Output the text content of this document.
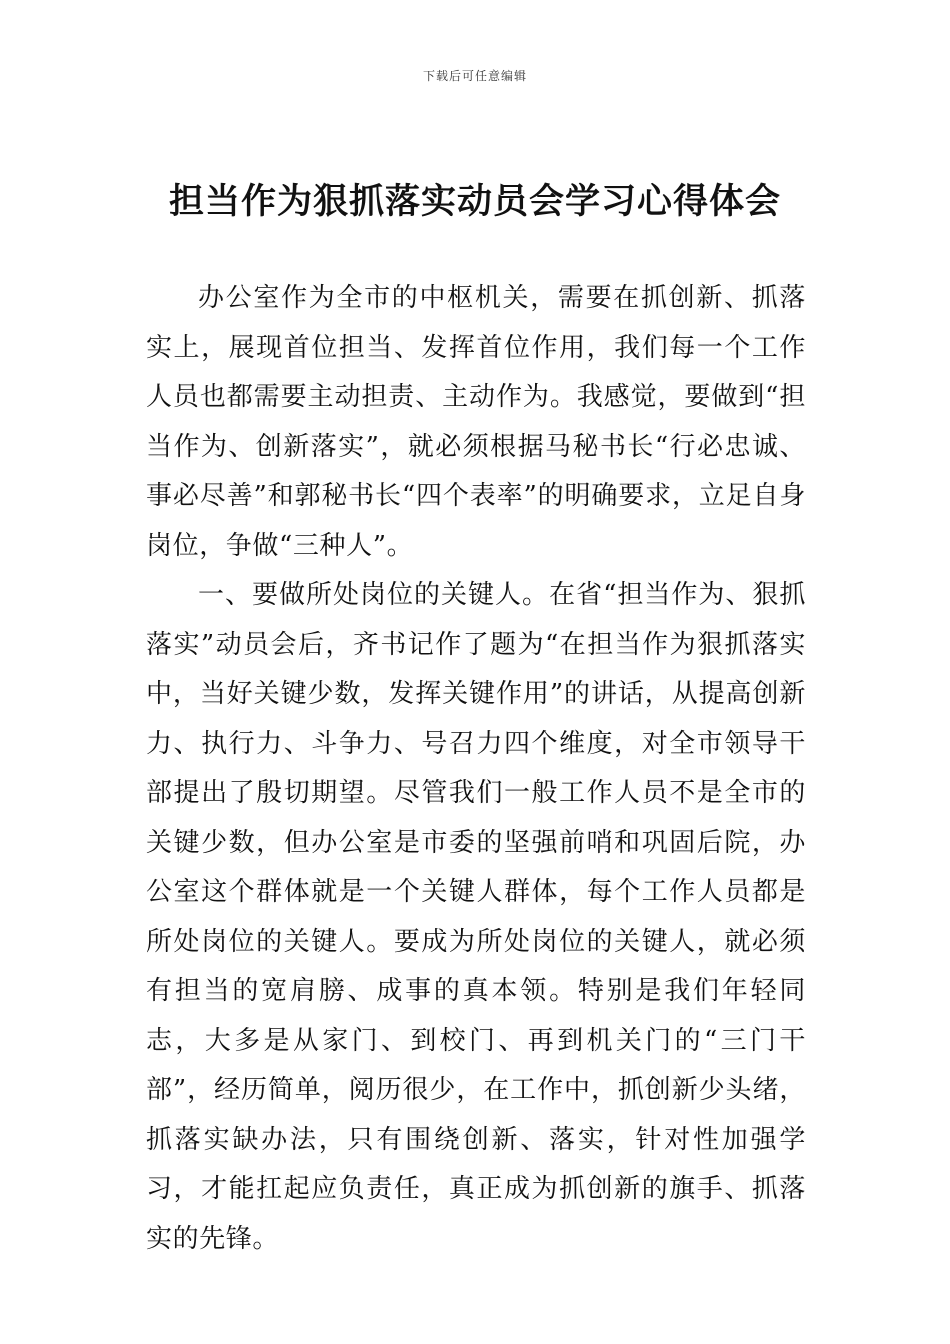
下载后可任意编辑
担当作为狠抓落实动员会学习心得体会

办公室作为全市的中枢机关，需要在抓创新、抓落实上，展现首位担当、发挥首位作用，我们每一个工作人员也都需要主动担责、主动作为。我感觉，要做到“担当作为、创新落实”，就必须根据马秘书长“行必忠诚、事必尽善”和郭秘书长“四个表率”的明确要求，立足自身岗位，争做“三种人”。

一、要做所处岗位的关键人。在省“担当作为、狠抓落实”动员会后，齐书记作了题为“在担当作为狠抓落实中，当好关键少数，发挥关键作用”的讲话，从提高创新力、执行力、斗争力、号召力四个维度，对全市领导干部提出了殷切期望。尽管我们一般工作人员不是全市的关键少数，但办公室是市委的坚强前哨和巩固后院，办公室这个群体就是一个关键人群体，每个工作人员都是所处岗位的关键人。要成为所处岗位的关键人，就必须有担当的宽肩膀、成事的真本领。特别是我们年轻同志，大多是从家门、到校门、再到机关门的“三门干部”，经历简单，阅历很少，在工作中，抓创新少头绪，抓落实缺办法，只有围绕创新、落实，针对性加强学习，才能扛起应负责任，真正成为抓创新的旗手、抓落实的先锋。
